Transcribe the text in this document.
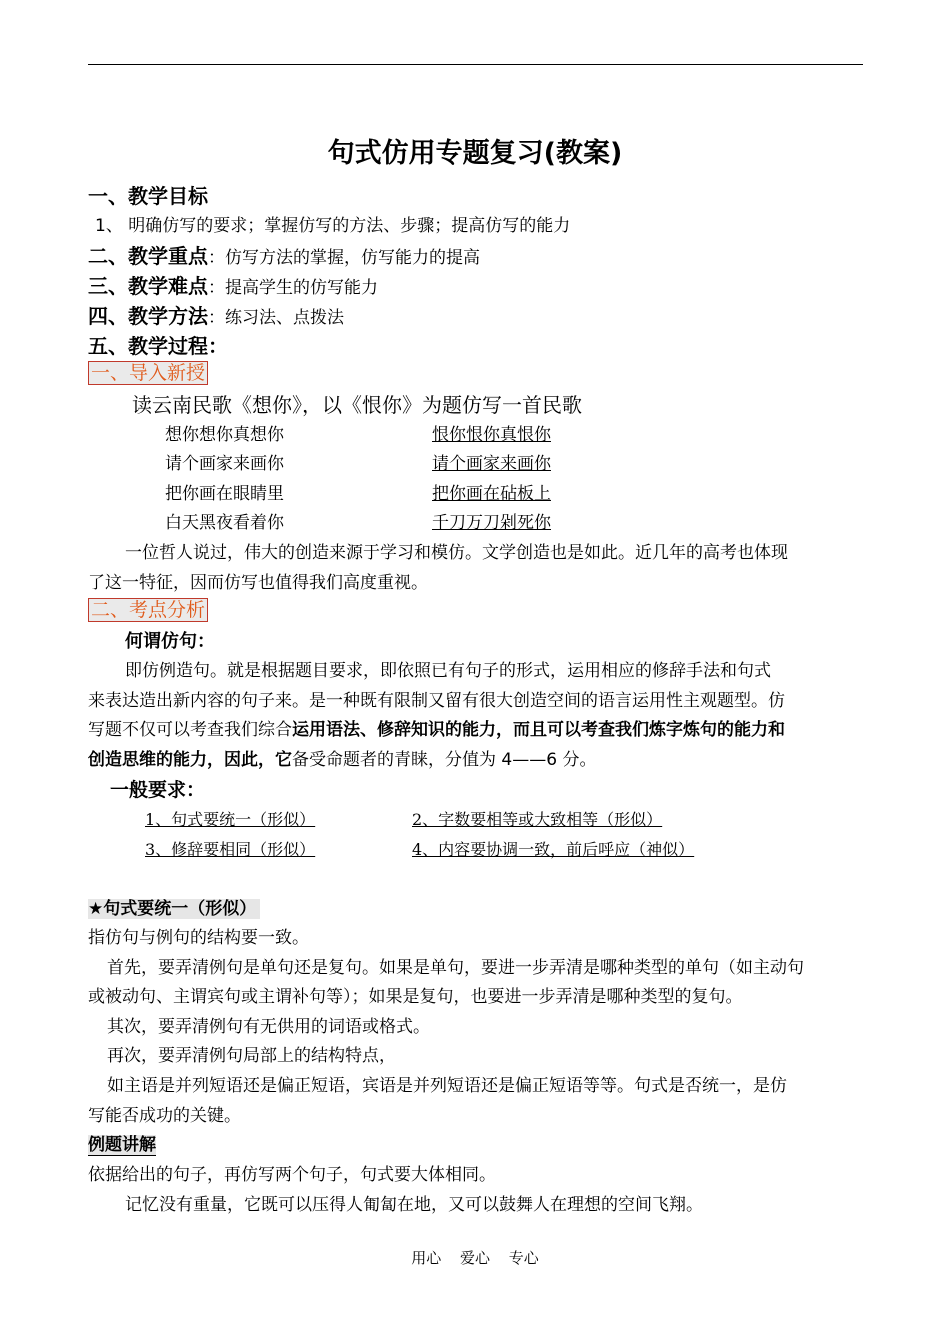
句式仿用专题复习(教案)
一、教学目标
1、 明确仿写的要求；掌握仿写的方法、步骤；提高仿写的能力
二、教学重点：仿写方法的掌握，仿写能力的提高
三、教学难点：提高学生的仿写能力
四、教学方法：练习法、点拨法
五、教学过程：
一、导入新授
读云南民歌《想你》，以《恨你》为题仿写一首民歌
想你想你真想你	恨你恨你真恨你
请个画家来画你	请个画家来画你
把你画在眼睛里	把你画在砧板上
白天黑夜看着你	千刀万刀剁死你
一位哲人说过，伟大的创造来源于学习和模仿。文学创造也是如此。近几年的高考也体现
了这一特征，因而仿写也值得我们高度重视。
二、考点分析
何谓仿句：
即仿例造句。就是根据题目要求，即依照已有句子的形式，运用相应的修辞手法和句式
来表达造出新内容的句子来。是一种既有限制又留有很大创造空间的语言运用性主观题型。仿
写题不仅可以考查我们综合运用语法、修辞知识的能力，而且可以考查我们炼字炼句的能力和
创造思维的能力，因此，它备受命题者的青睐，分值为 4——6 分。
一般要求：
1、句式要统一（形似）	2、字数要相等或大致相等（形似）
3、修辞要相同（形似）	4、内容要协调一致，前后呼应（神似）
★句式要统一（形似）
指仿句与例句的结构要一致。
首先，要弄清例句是单句还是复句。如果是单句，要进一步弄清是哪种类型的单句（如主动句
或被动句、主谓宾句或主谓补句等）；如果是复句，也要进一步弄清是哪种类型的复句。
其次，要弄清例句有无供用的词语或格式。
再次，要弄清例句局部上的结构特点，
如主语是并列短语还是偏正短语，宾语是并列短语还是偏正短语等等。句式是否统一，是仿
写能否成功的关键。
例题讲解
依据给出的句子，再仿写两个句子，句式要大体相同。
记忆没有重量，它既可以压得人匍匐在地，又可以鼓舞人在理想的空间飞翔。
用心 爱心 专心
